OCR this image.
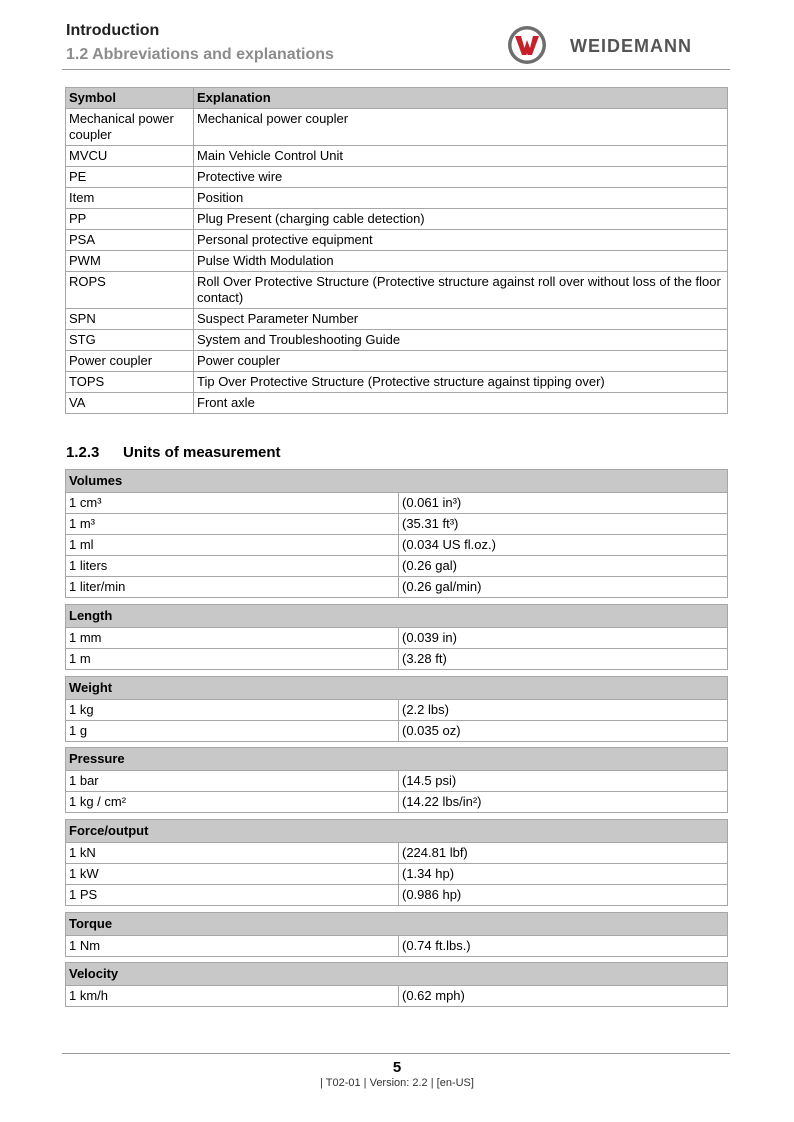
Introduction
1.2 Abbreviations and explanations	WEIDEMANN
Symbol	Explanation
Mechanical power coupler	Mechanical power coupler
MVCU	Main Vehicle Control Unit
PE	Protective wire
Item	Position
PP	Plug Present (charging cable detection)
PSA	Personal protective equipment
PWM	Pulse Width Modulation
ROPS	Roll Over Protective Structure (Protective structure against roll over without loss of the floor contact)
SPN	Suspect Parameter Number
STG	System and Troubleshooting Guide
Power coupler	Power coupler
TOPS	Tip Over Protective Structure (Protective structure against tipping over)
VA	Front axle
1.2.3 Units of measurement
Volumes	
1 cm³	(0.061 in³)
1 m³	(35.31 ft³)
1 ml	(0.034 US fl.oz.)
1 liters	(0.26 gal)
1 liter/min	(0.26 gal/min)
Length	
1 mm	(0.039 in)
1 m	(3.28 ft)
Weight	
1 kg	(2.2 lbs)
1 g	(0.035 oz)
Pressure	
1 bar	(14.5 psi)
1 kg / cm²	(14.22 lbs/in²)
Force/output	
1 kN	(224.81 lbf)
1 kW	(1.34 hp)
1 PS	(0.986 hp)
Torque
1 Nm	(0.74 ft.lbs.)
Velocity
1 km/h	(0.62 mph)
5
| T02-01 | Version: 2.2 | [en-US]
